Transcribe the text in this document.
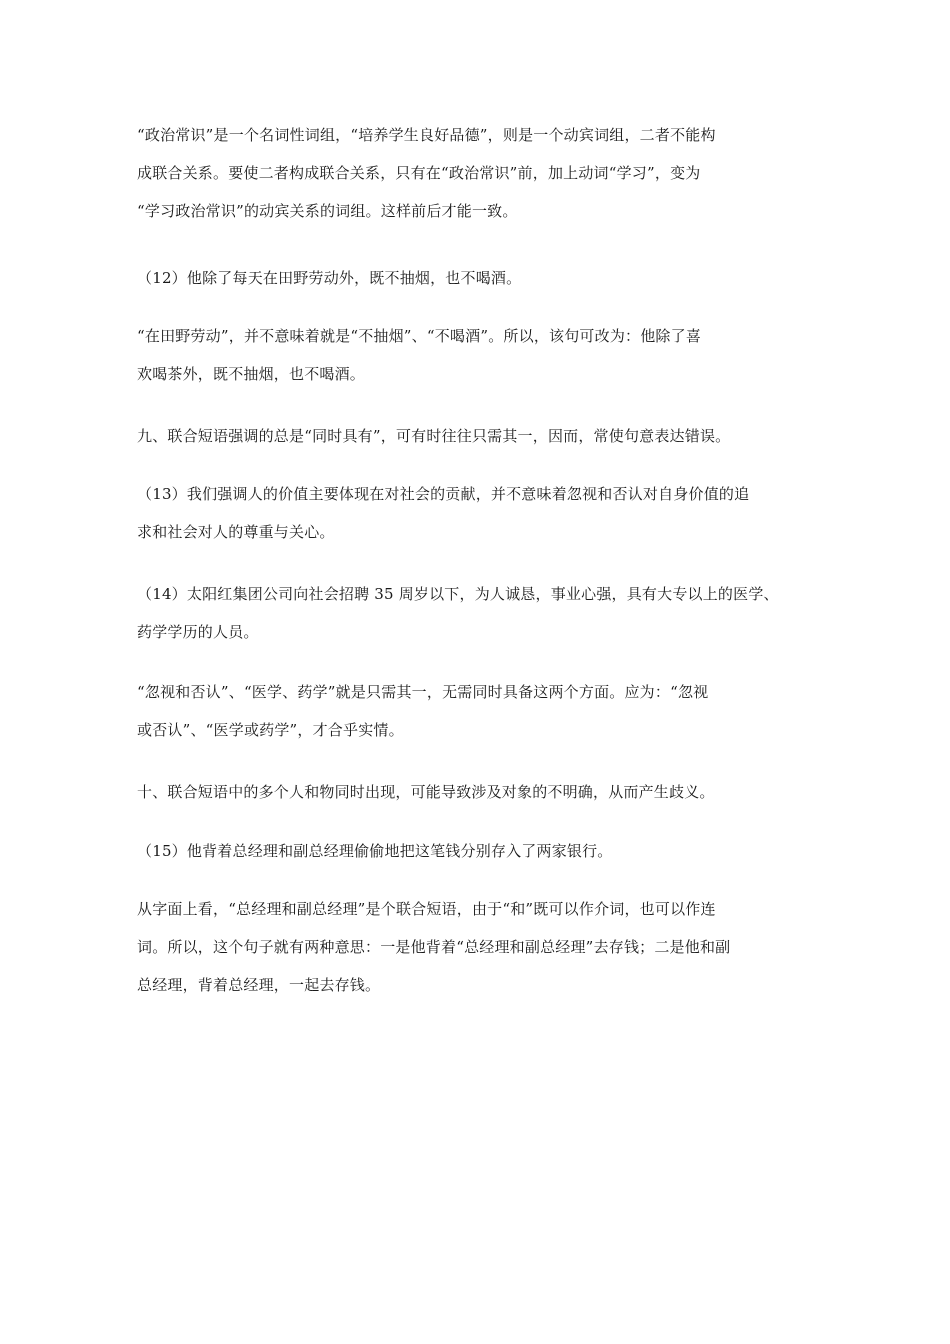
“政治常识”是一个名词性词组，“培养学生良好品德”，则是一个动宾词组，二者不能构
成联合关系。要使二者构成联合关系，只有在“政治常识”前，加上动词“学习”，变为
“学习政治常识”的动宾关系的词组。这样前后才能一致。

（12）他除了每天在田野劳动外，既不抽烟，也不喝酒。

“在田野劳动”，并不意味着就是“不抽烟”、“不喝酒”。所以，该句可改为：他除了喜
欢喝茶外，既不抽烟，也不喝酒。

九、联合短语强调的总是“同时具有”，可有时往往只需其一，因而，常使句意表达错误。

（13）我们强调人的价值主要体现在对社会的贡献，并不意味着忽视和否认对自身价值的追
求和社会对人的尊重与关心。

（14）太阳红集团公司向社会招聘 35 周岁以下，为人诚恳，事业心强，具有大专以上的医学、
药学学历的人员。

“忽视和否认”、“医学、药学”就是只需其一，无需同时具备这两个方面。应为：“忽视
或否认”、“医学或药学”，才合乎实情。

十、联合短语中的多个人和物同时出现，可能导致涉及对象的不明确，从而产生歧义。

（15）他背着总经理和副总经理偷偷地把这笔钱分别存入了两家银行。

从字面上看，“总经理和副总经理”是个联合短语，由于“和”既可以作介词，也可以作连
词。所以，这个句子就有两种意思：一是他背着“总经理和副总经理”去存钱；二是他和副
总经理，背着总经理，一起去存钱。
